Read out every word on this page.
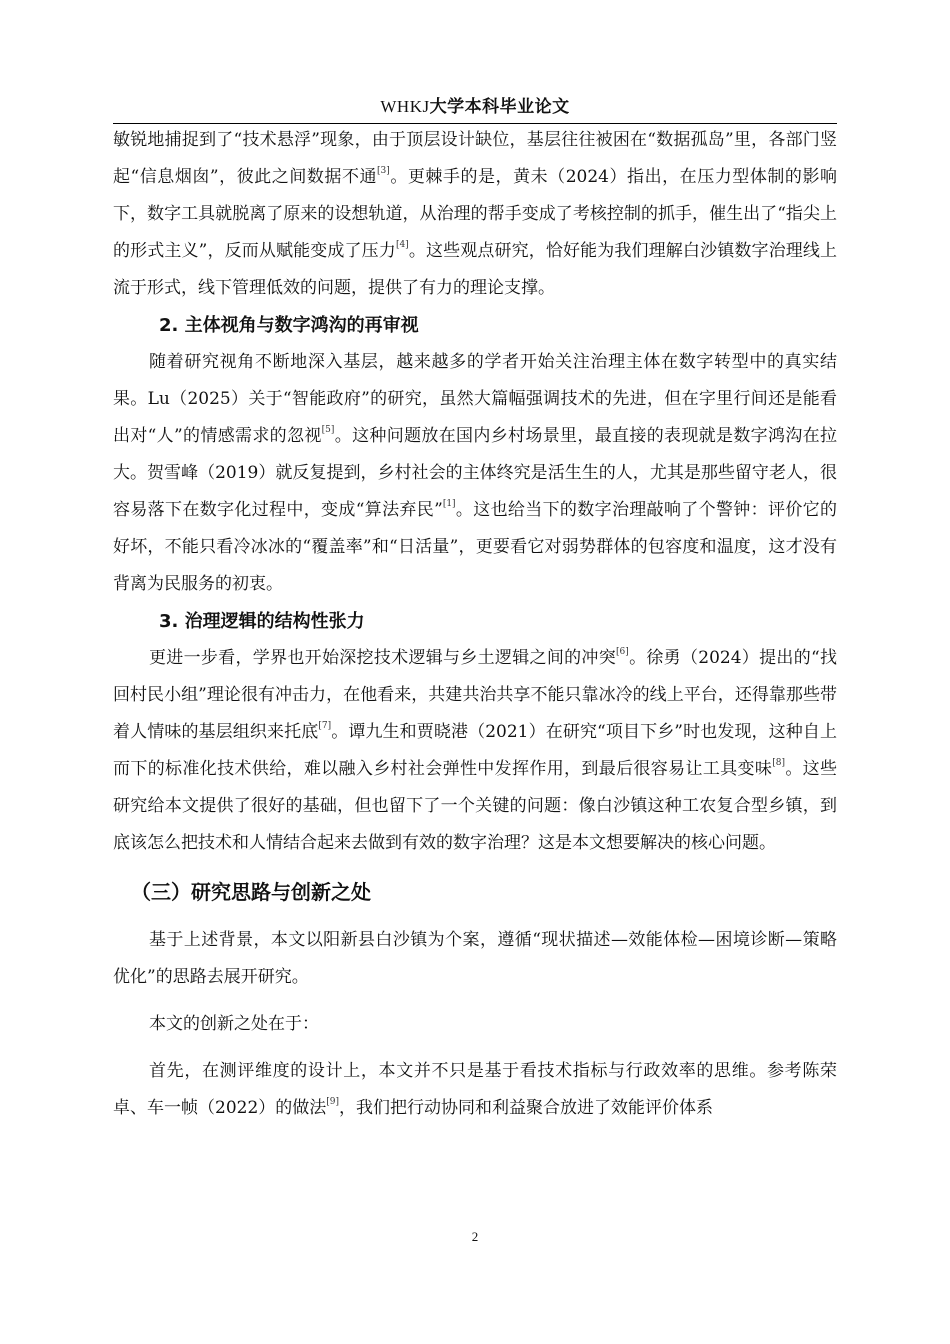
WHKJ大学本科毕业论文

敏锐地捕捉到了“技术悬浮”现象，由于顶层设计缺位，基层往往被困在“数据孤岛”里，各部门竖起“信息烟囱”，彼此之间数据不通[3]。更棘手的是，黄未（2024）指出，在压力型体制的影响下，数字工具就脱离了原来的设想轨道，从治理的帮手变成了考核控制的抓手，催生出了“指尖上的形式主义”，反而从赋能变成了压力[4]。这些观点研究，恰好能为我们理解白沙镇数字治理线上流于形式，线下管理低效的问题，提供了有力的理论支撑。

2. 主体视角与数字鸿沟的再审视

随着研究视角不断地深入基层，越来越多的学者开始关注治理主体在数字转型中的真实结果。Lu（2025）关于“智能政府”的研究，虽然大篇幅强调技术的先进，但在字里行间还是能看出对“人”的情感需求的忽视[5]。这种问题放在国内乡村场景里，最直接的表现就是数字鸿沟在拉大。贺雪峰（2019）就反复提到，乡村社会的主体终究是活生生的人，尤其是那些留守老人，很容易落下在数字化过程中，变成“算法弃民”[1]。这也给当下的数字治理敲响了个警钟：评价它的好坏，不能只看冷冰冰的“覆盖率”和“日活量”，更要看它对弱势群体的包容度和温度，这才没有背离为民服务的初衷。

3. 治理逻辑的结构性张力

更进一步看，学界也开始深挖技术逻辑与乡土逻辑之间的冲突[6]。徐勇（2024）提出的“找回村民小组”理论很有冲击力，在他看来，共建共治共享不能只靠冰冷的线上平台，还得靠那些带着人情味的基层组织来托底[7]。谭九生和贾晓港（2021）在研究“项目下乡”时也发现，这种自上而下的标准化技术供给，难以融入乡村社会弹性中发挥作用，到最后很容易让工具变味[8]。这些研究给本文提供了很好的基础，但也留下了一个关键的问题：像白沙镇这种工农复合型乡镇，到底该怎么把技术和人情结合起来去做到有效的数字治理？这是本文想要解决的核心问题。

（三）研究思路与创新之处

基于上述背景，本文以阳新县白沙镇为个案，遵循“现状描述—效能体检—困境诊断—策略优化”的思路去展开研究。

本文的创新之处在于：

首先，在测评维度的设计上，本文并不只是基于看技术指标与行政效率的思维。参考陈荣卓、车一帧（2022）的做法[9]，我们把行动协同和利益聚合放进了效能评价体系

2
